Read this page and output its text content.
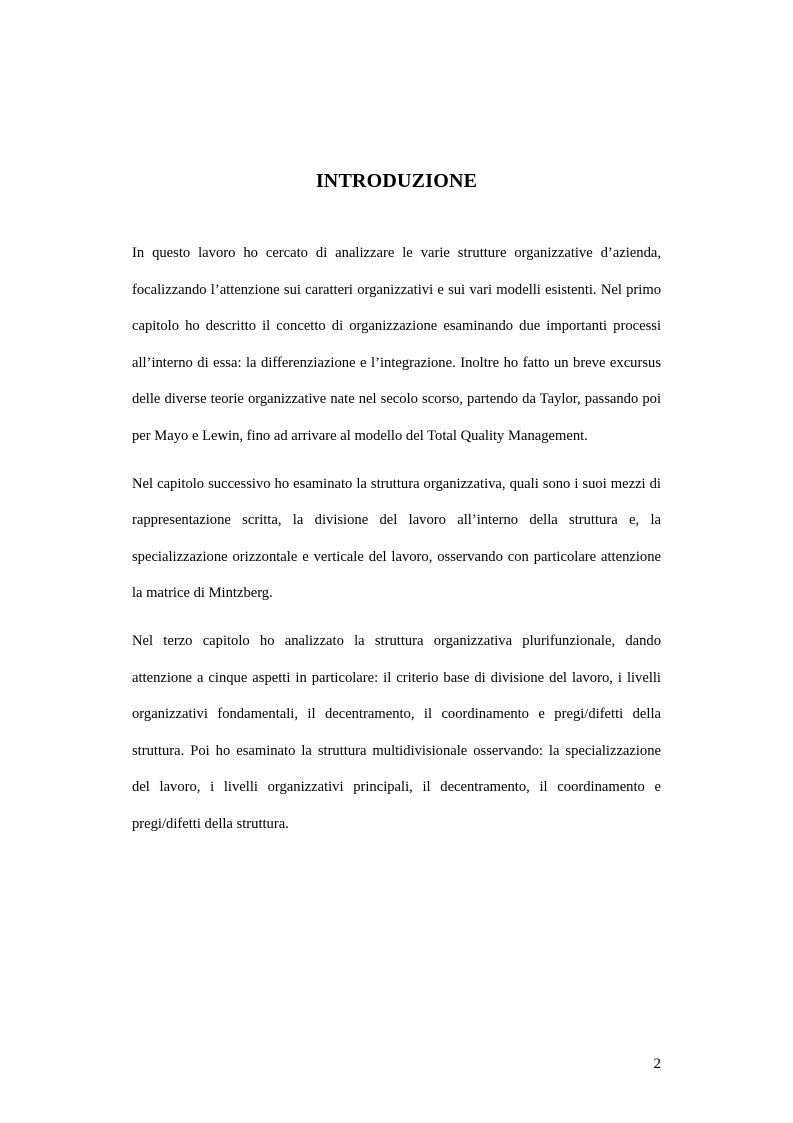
INTRODUZIONE

In questo lavoro ho cercato di analizzare le varie strutture organizzative d’azienda, focalizzando l’attenzione sui caratteri organizzativi e sui vari modelli esistenti. Nel primo capitolo ho descritto il concetto di organizzazione esaminando due importanti processi all’interno di essa: la differenziazione e l’integrazione. Inoltre ho fatto un breve excursus delle diverse teorie organizzative nate nel secolo scorso, partendo da Taylor, passando poi per Mayo e Lewin, fino ad arrivare al modello del Total Quality Management.

Nel capitolo successivo ho esaminato la struttura organizzativa, quali sono i suoi mezzi di rappresentazione scritta, la divisione del lavoro all’interno della struttura e, la specializzazione orizzontale e verticale del lavoro, osservando con particolare attenzione la matrice di Mintzberg.

Nel terzo capitolo ho analizzato la struttura organizzativa plurifunzionale, dando attenzione a cinque aspetti in particolare: il criterio base di divisione del lavoro, i livelli organizzativi fondamentali, il decentramento, il coordinamento e pregi/difetti della struttura. Poi ho esaminato la struttura multidivisionale osservando: la specializzazione del lavoro, i livelli organizzativi principali, il decentramento, il coordinamento e pregi/difetti della struttura.

2
